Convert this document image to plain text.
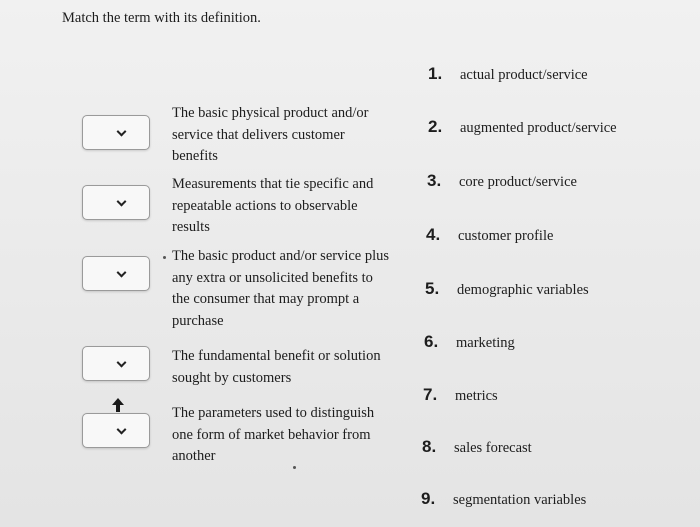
Match the term with its definition.
The basic physical product and/or
service that delivers customer
benefits
Measurements that tie specific and
repeatable actions to observable
results
The basic product and/or service plus
any extra or unsolicited benefits to
the consumer that may prompt a
purchase
The fundamental benefit or solution
sought by customers
The parameters used to distinguish
one form of market behavior from
another
1.	actual product/service
2.	augmented product/service
3.	core product/service
4.	customer profile
5.	demographic variables
6.	marketing
7.	metrics
8.	sales forecast
9.	segmentation variables
